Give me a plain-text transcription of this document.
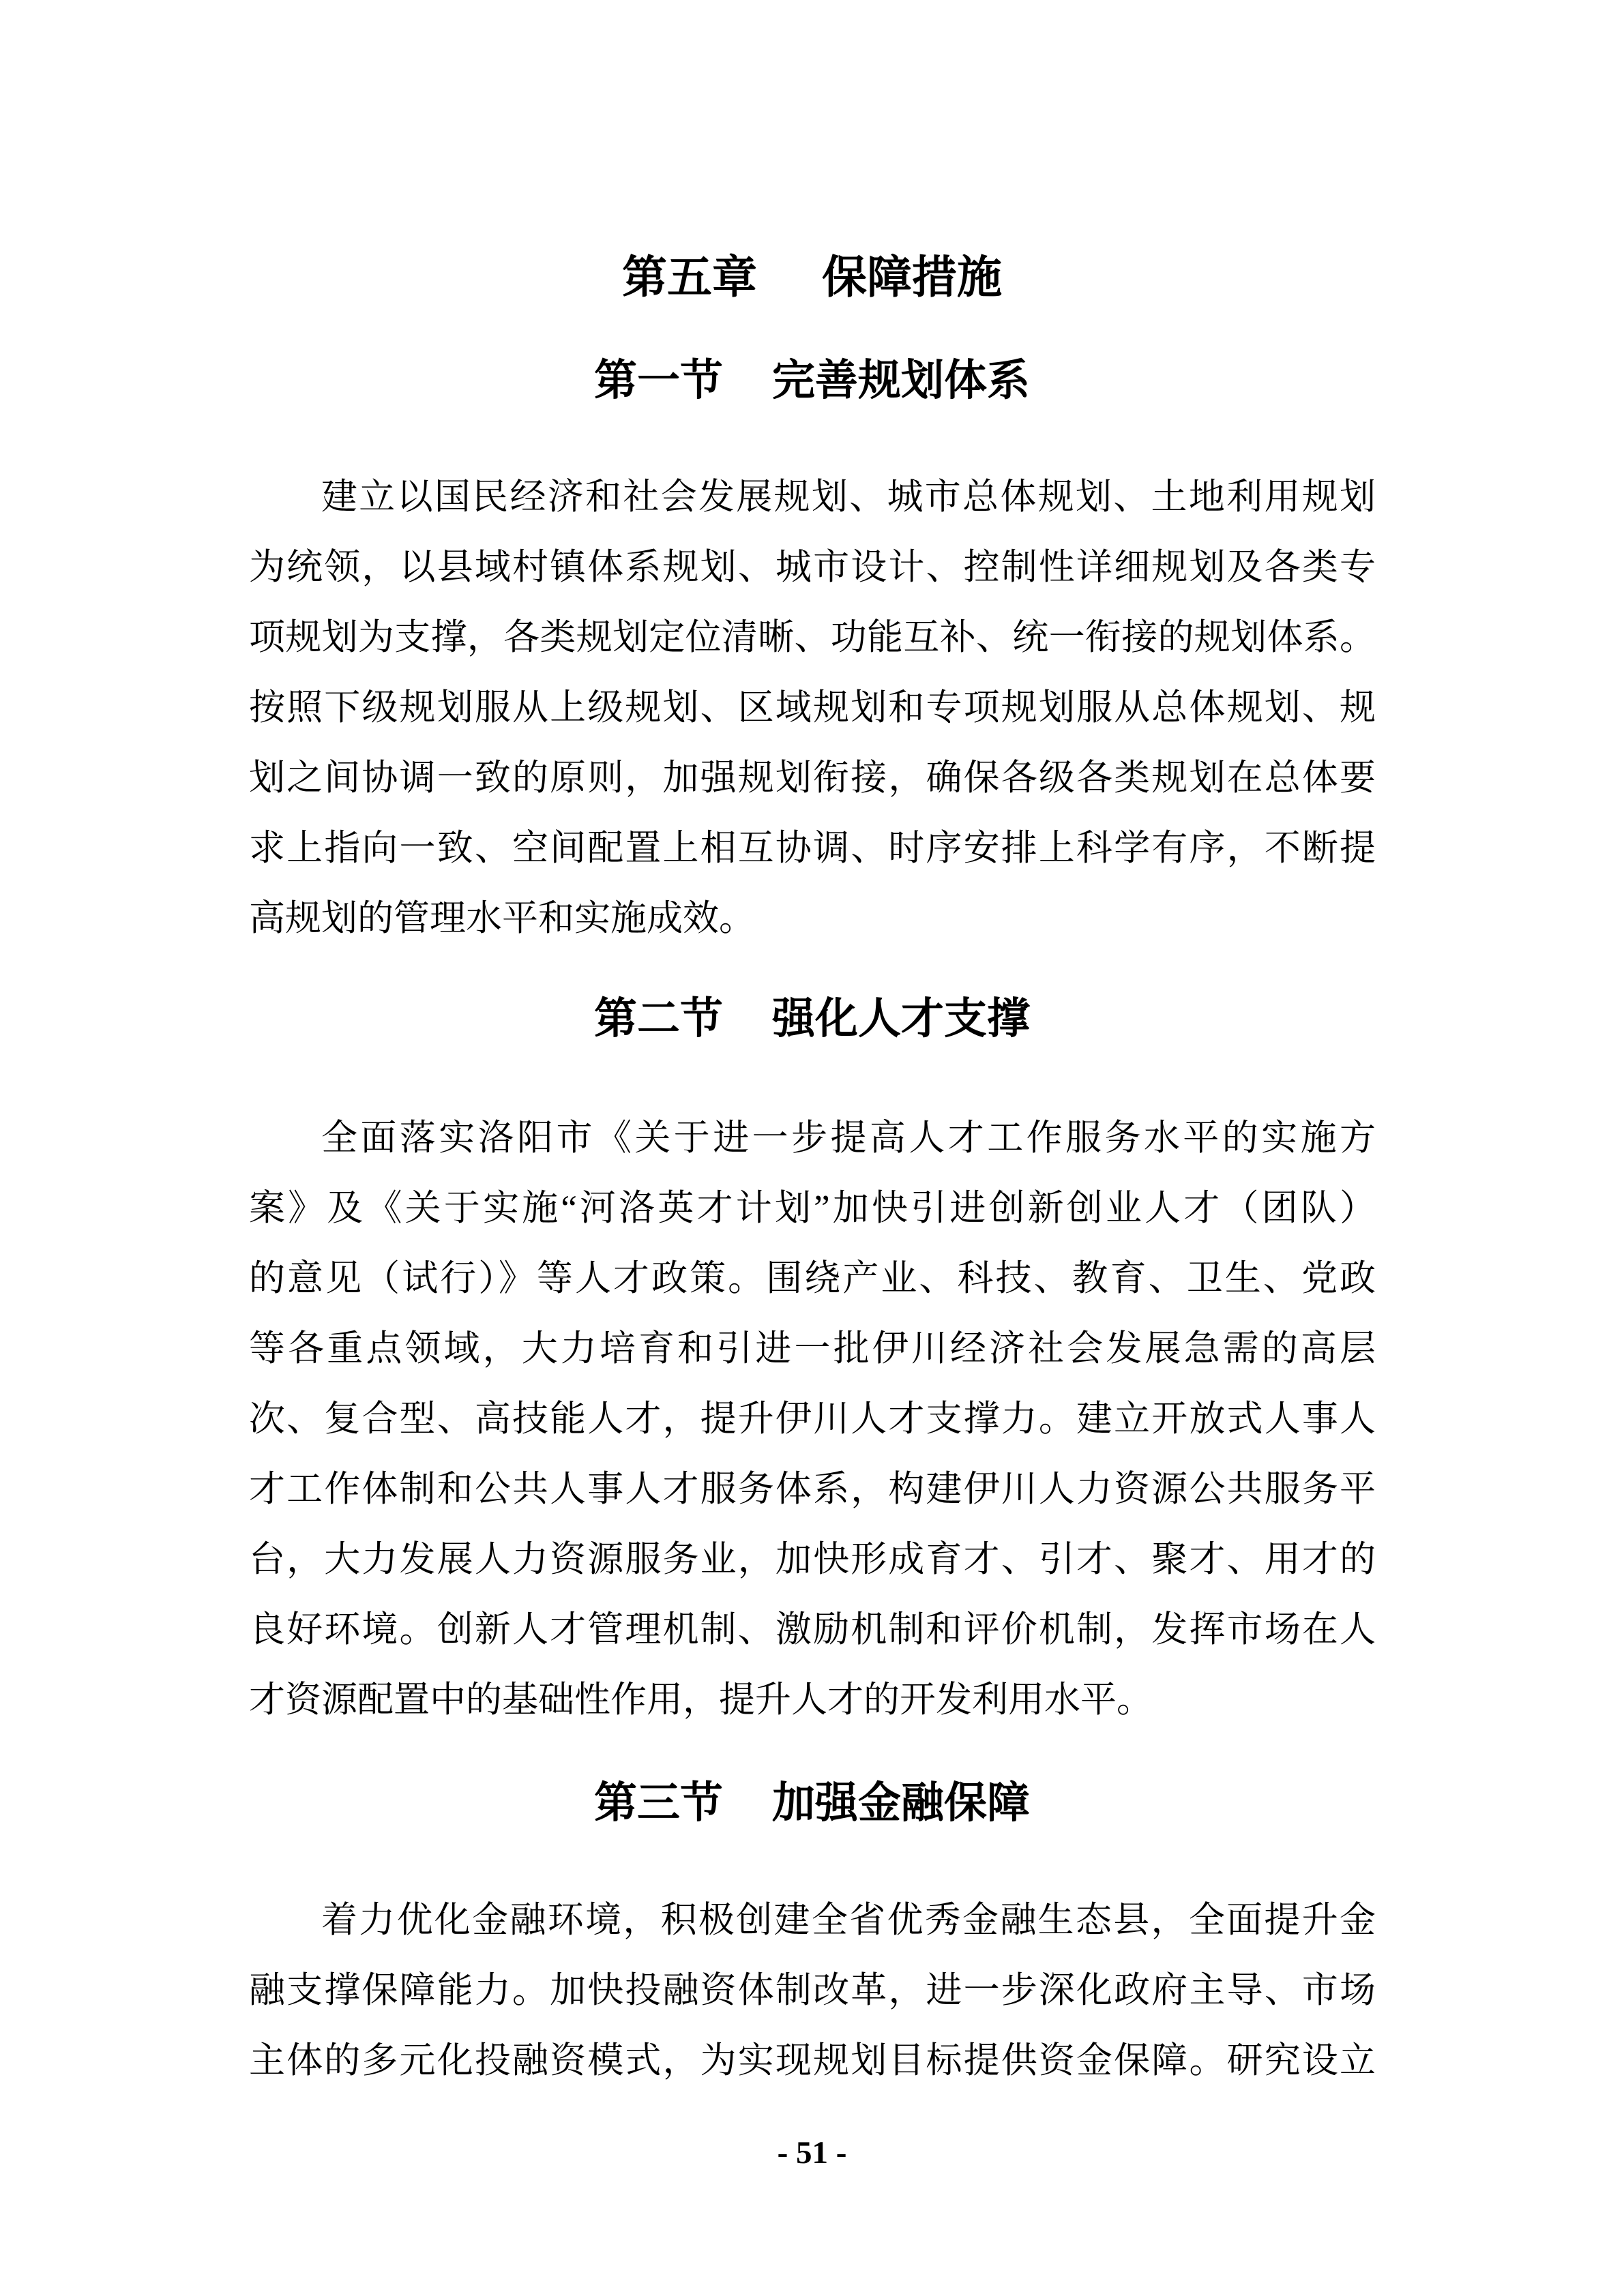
第五章 保障措施
第一节 完善规划体系
建立以国民经济和社会发展规划、城市总体规划、土地利用规划
为统领，以县域村镇体系规划、城市设计、控制性详细规划及各类专
项规划为支撑，各类规划定位清晰、功能互补、统一衔接的规划体系。
按照下级规划服从上级规划、区域规划和专项规划服从总体规划、规
划之间协调一致的原则，加强规划衔接，确保各级各类规划在总体要
求上指向一致、空间配置上相互协调、时序安排上科学有序，不断提
高规划的管理水平和实施成效。
第二节 强化人才支撑
全面落实洛阳市《关于进一步提高人才工作服务水平的实施方
案》及《关于实施“河洛英才计划”加快引进创新创业人才（团队）
的意见（试行）》等人才政策。围绕产业、科技、教育、卫生、党政
等各重点领域，大力培育和引进一批伊川经济社会发展急需的高层
次、复合型、高技能人才，提升伊川人才支撑力。建立开放式人事人
才工作体制和公共人事人才服务体系，构建伊川人力资源公共服务平
台，大力发展人力资源服务业，加快形成育才、引才、聚才、用才的
良好环境。创新人才管理机制、激励机制和评价机制，发挥市场在人
才资源配置中的基础性作用，提升人才的开发利用水平。
第三节 加强金融保障
着力优化金融环境，积极创建全省优秀金融生态县，全面提升金
融支撑保障能力。加快投融资体制改革，进一步深化政府主导、市场
主体的多元化投融资模式，为实现规划目标提供资金保障。研究设立
- 51 -
